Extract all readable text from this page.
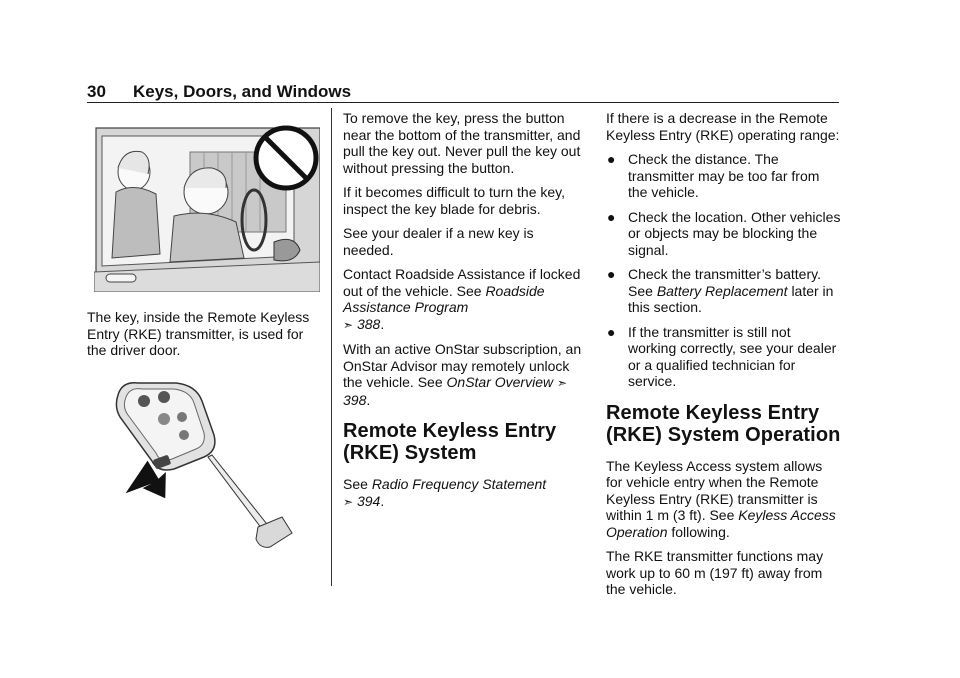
30 Keys, Doors, and Windows

The key, inside the Remote Keyless Entry (RKE) transmitter, is used for the driver door.

To remove the key, press the button near the bottom of the transmitter, and pull the key out. Never pull the key out without pressing the button.

If it becomes difficult to turn the key, inspect the key blade for debris.

See your dealer if a new key is needed.

Contact Roadside Assistance if locked out of the vehicle. See Roadside Assistance Program
➣ 388.

With an active OnStar subscription, an OnStar Advisor may remotely unlock the vehicle. See OnStar Overview ➣ 398.

Remote Keyless Entry (RKE) System

See Radio Frequency Statement
➣ 394.

If there is a decrease in the Remote Keyless Entry (RKE) operating range:

● Check the distance. The transmitter may be too far from the vehicle.
● Check the location. Other vehicles or objects may be blocking the signal.
● Check the transmitter’s battery. See Battery Replacement later in this section.
● If the transmitter is still not working correctly, see your dealer or a qualified technician for service.
Remote Keyless Entry (RKE) System Operation

The Keyless Access system allows for vehicle entry when the Remote Keyless Entry (RKE) transmitter is within 1 m (3 ft). See Keyless Access Operation following.

The RKE transmitter functions may work up to 60 m (197 ft) away from the vehicle.
